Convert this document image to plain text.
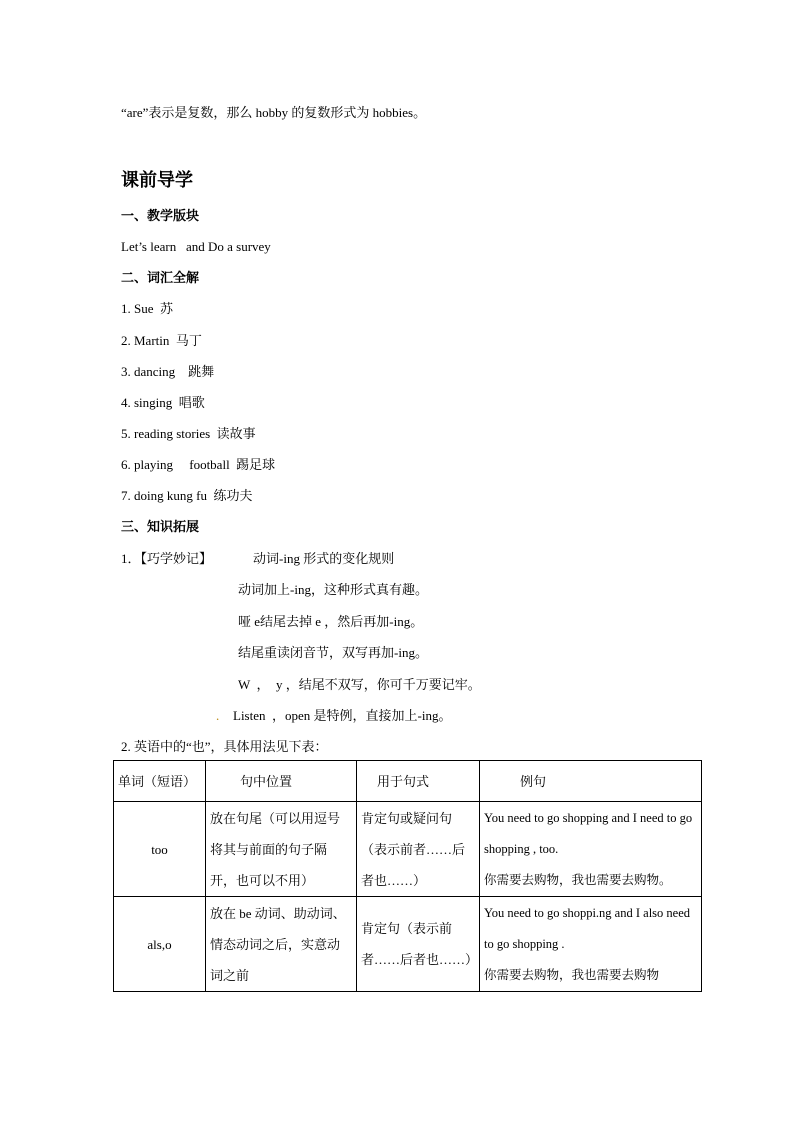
“are”表示是复数，那么 hobby 的复数形式为 hobbies。
课前导学
一、教学版块
Let’s learn   and Do a survey
二、词汇全解
1. Sue  苏
2. Martin  马丁
3. dancing    跳舞
4. singing  唱歌
5. reading stories  读故事
6. playing     football  踢足球
7. doing kung fu  练功夫
三、知识拓展
1．【巧学妙记】	动词-ing 形式的变化规则
动词加上-ing，这种形式真有趣。
哑 e结尾去掉 e ，然后再加-ing。
结尾重读闭音节，双写再加-ing。
W  ，  y ，结尾不双写，你可千万要记牢。
. Listen  ，open 是特例，直接加上-ing。
2. 英语中的“也”，具体用法见下表：
单词（短语）	句中位置	用于句式	例句
too	放在句尾（可以用逗号将其与前面的句子隔开，也可以不用）	肯定句或疑问句（表示前者……后者也……）	You need to go shopping and I need to go shopping , too.
你需要去购物，我也需要去购物。
als,o	放在 be 动词、助动词、情态动词之后，实意动词之前	肯定句（表示前者……后者也……）	You need to go shoppi.ng and I also need to go shopping .
你需要去购物，我也需要去购物
